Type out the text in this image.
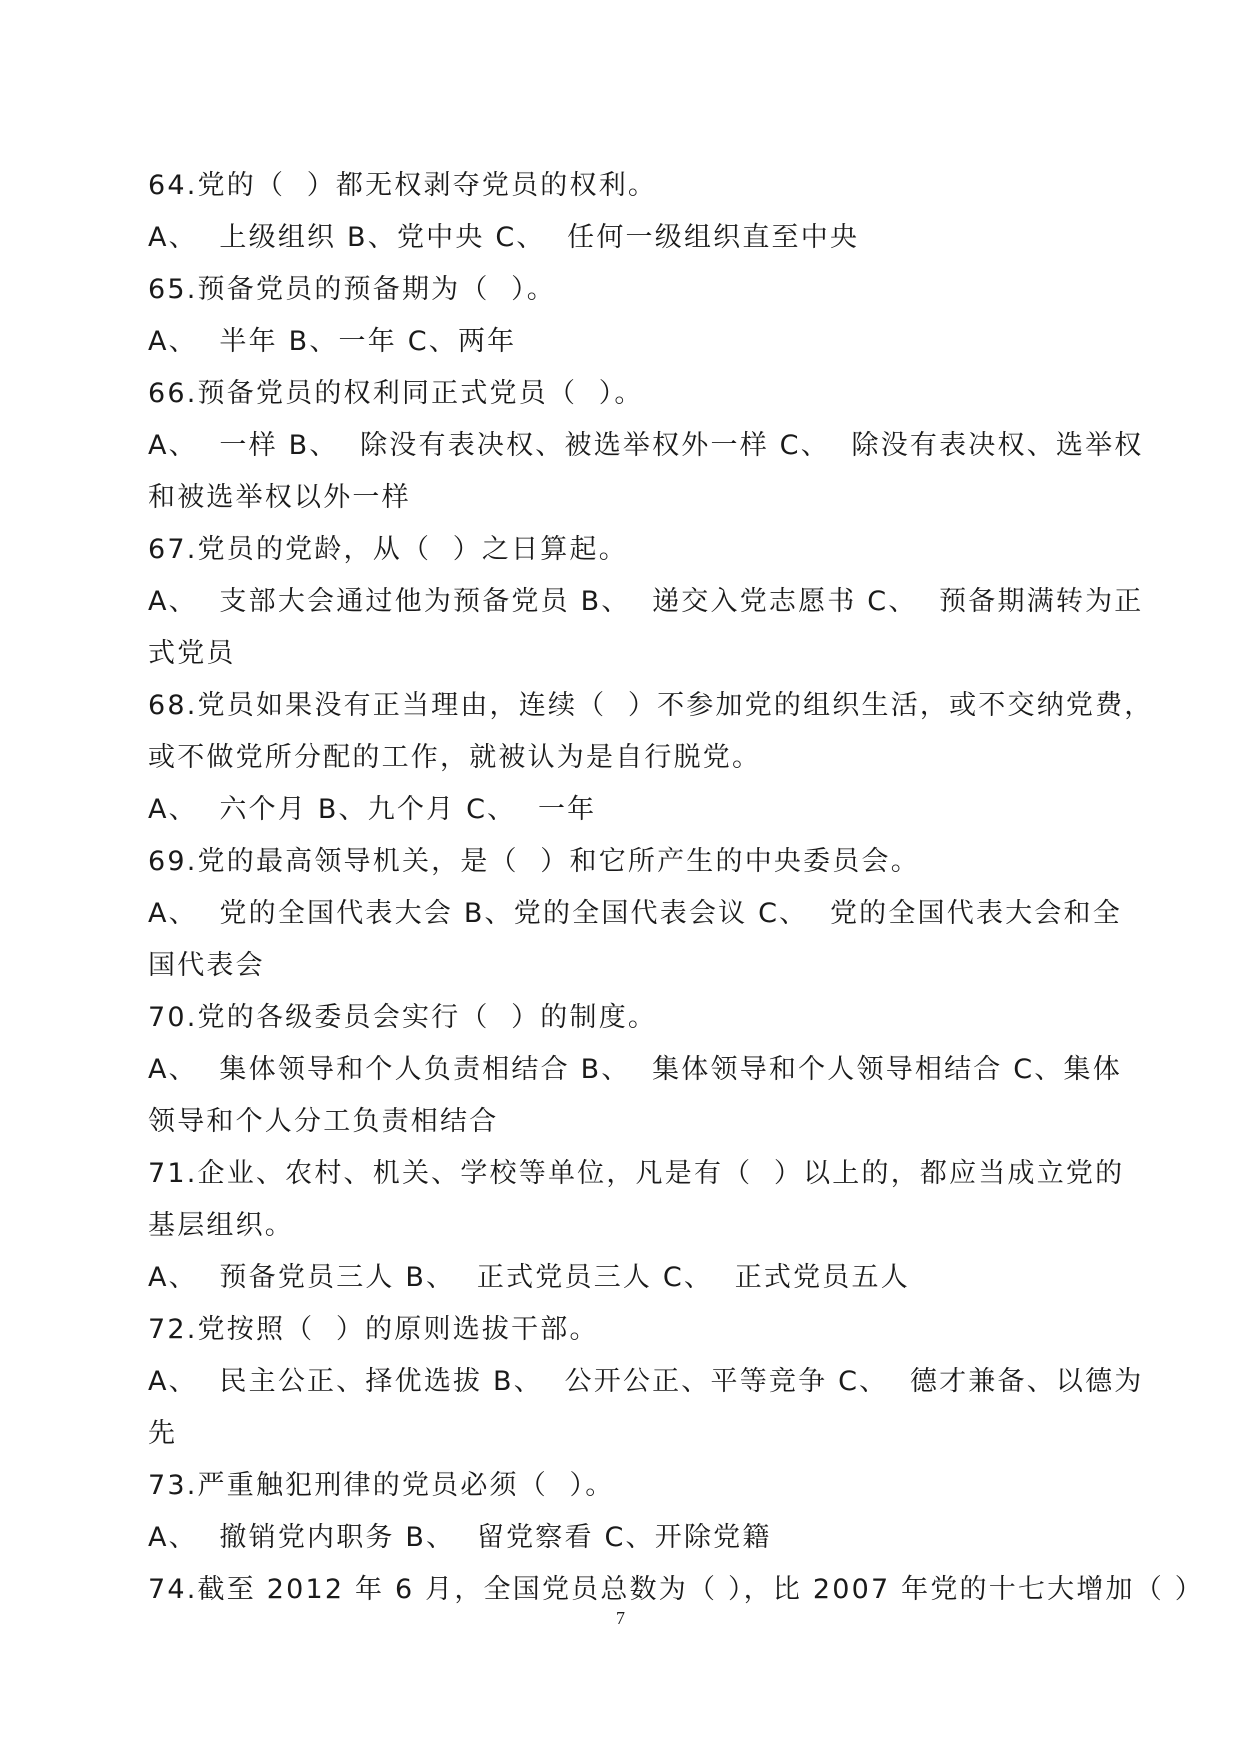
64.党的（  ）都无权剥夺党员的权利。
A、  上级组织 B、党中央 C、  任何一级组织直至中央
65.预备党员的预备期为（  ）。
A、  半年 B、一年 C、两年
66.预备党员的权利同正式党员（  ）。
A、  一样 B、  除没有表决权、被选举权外一样 C、  除没有表决权、选举权
和被选举权以外一样
67.党员的党龄，从（  ）之日算起。
A、  支部大会通过他为预备党员 B、  递交入党志愿书 C、  预备期满转为正
式党员
68.党员如果没有正当理由，连续（  ）不参加党的组织生活，或不交纳党费，
或不做党所分配的工作，就被认为是自行脱党。
A、  六个月 B、九个月 C、  一年
69.党的最高领导机关，是（  ）和它所产生的中央委员会。
A、  党的全国代表大会 B、党的全国代表会议 C、  党的全国代表大会和全
国代表会
70.党的各级委员会实行（  ）的制度。
A、  集体领导和个人负责相结合 B、  集体领导和个人领导相结合 C、集体
领导和个人分工负责相结合
71.企业、农村、机关、学校等单位，凡是有（  ）以上的，都应当成立党的
基层组织。
A、  预备党员三人 B、  正式党员三人 C、  正式党员五人
72.党按照（  ）的原则选拔干部。
A、  民主公正、择优选拔 B、  公开公正、平等竞争 C、  德才兼备、以德为
先
73.严重触犯刑律的党员必须（  ）。
A、  撤销党内职务 B、  留党察看 C、开除党籍
74.截至 2012 年 6 月，全国党员总数为（ ），比 2007 年党的十七大增加（ ）
7
